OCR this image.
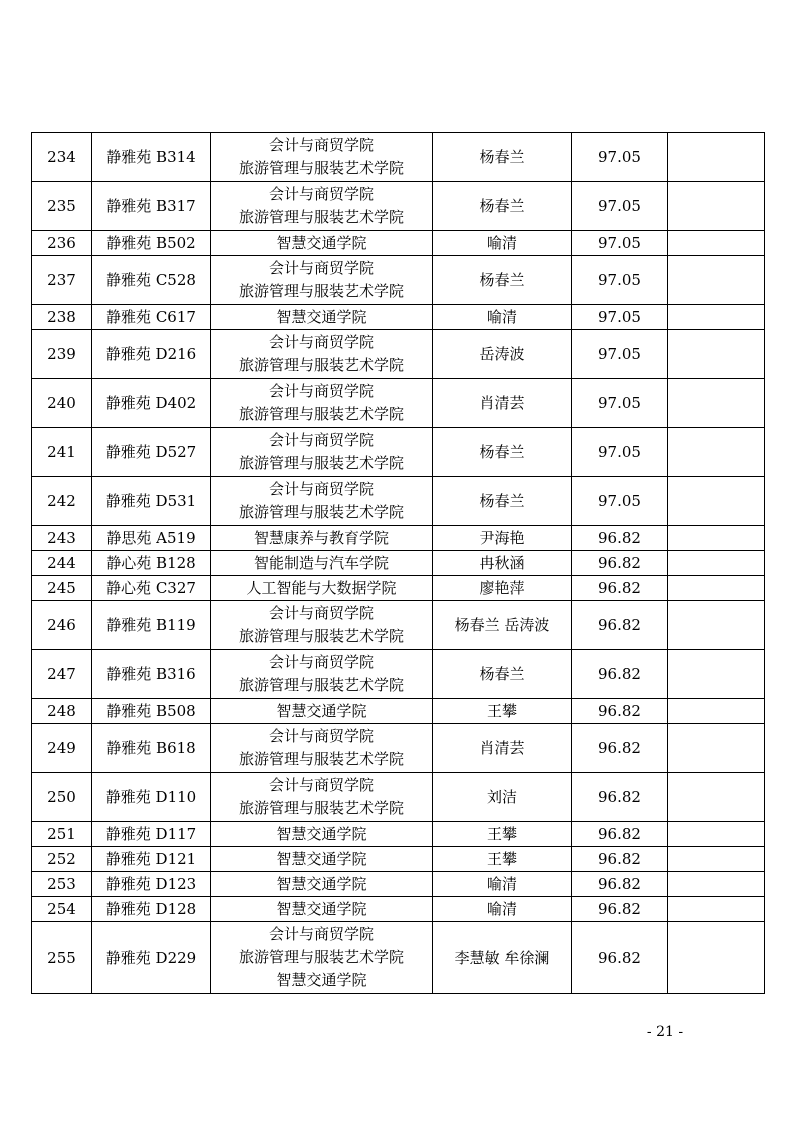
234	静雅苑 B314	会计与商贸学院
旅游管理与服装艺术学院	杨春兰	97.05	
235	静雅苑 B317	会计与商贸学院
旅游管理与服装艺术学院	杨春兰	97.05	
236	静雅苑 B502	智慧交通学院	喻清	97.05	
237	静雅苑 C528	会计与商贸学院
旅游管理与服装艺术学院	杨春兰	97.05	
238	静雅苑 C617	智慧交通学院	喻清	97.05	
239	静雅苑 D216	会计与商贸学院
旅游管理与服装艺术学院	岳涛波	97.05	
240	静雅苑 D402	会计与商贸学院
旅游管理与服装艺术学院	肖清芸	97.05	
241	静雅苑 D527	会计与商贸学院
旅游管理与服装艺术学院	杨春兰	97.05	
242	静雅苑 D531	会计与商贸学院
旅游管理与服装艺术学院	杨春兰	97.05	
243	静思苑 A519	智慧康养与教育学院	尹海艳	96.82	
244	静心苑 B128	智能制造与汽车学院	冉秋涵	96.82	
245	静心苑 C327	人工智能与大数据学院	廖艳萍	96.82	
246	静雅苑 B119	会计与商贸学院
旅游管理与服装艺术学院	杨春兰 岳涛波	96.82	
247	静雅苑 B316	会计与商贸学院
旅游管理与服装艺术学院	杨春兰	96.82	
248	静雅苑 B508	智慧交通学院	王攀	96.82	
249	静雅苑 B618	会计与商贸学院
旅游管理与服装艺术学院	肖清芸	96.82	
250	静雅苑 D110	会计与商贸学院
旅游管理与服装艺术学院	刘洁	96.82	
251	静雅苑 D117	智慧交通学院	王攀	96.82	
252	静雅苑 D121	智慧交通学院	王攀	96.82	
253	静雅苑 D123	智慧交通学院	喻清	96.82	
254	静雅苑 D128	智慧交通学院	喻清	96.82	
255	静雅苑 D229	会计与商贸学院
旅游管理与服装艺术学院
智慧交通学院	李慧敏 牟徐澜	96.82	
- 21 -
